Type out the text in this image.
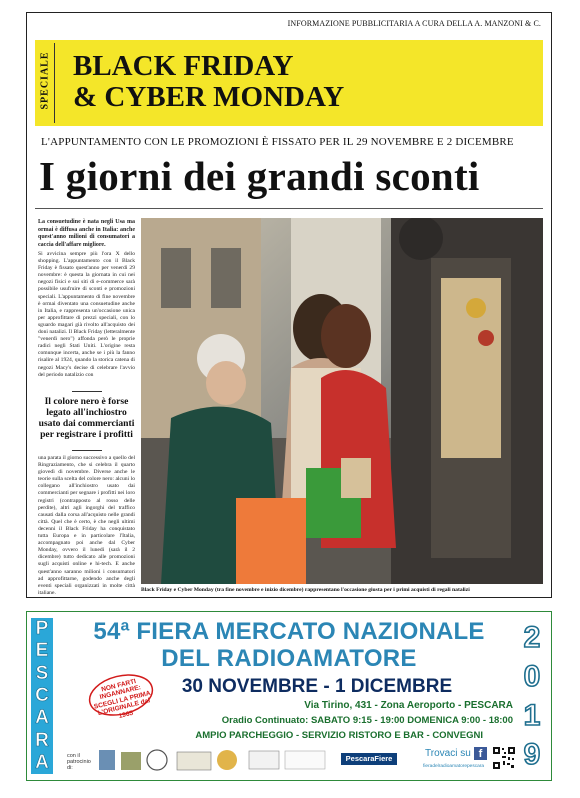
INFORMAZIONE PUBBLICITARIA A CURA DELLA A. MANZONI & C.
SPECIALE BLACK FRIDAY
& CYBER MONDAY
L'APPUNTAMENTO CON LE PROMOZIONI È FISSATO PER IL 29 NOVEMBRE E 2 DICEMBRE
I giorni dei grandi sconti
La consuetudine è nata negli Usa ma ormai è diffusa anche in Italia: anche quest'anno milioni di consumatori a caccia dell'affare migliore.
Si avvicina sempre più l'ora X dello shopping. L'appuntamento con il Black Friday è fissato quest'anno per venerdì 29 novembre: è questa la giornata in cui nei negozi fisici e sui siti di e-commerce sarà possibile usufruire di sconti e promozioni speciali. L'appuntamento di fine novembre è ormai diventato una consuetudine anche in Italia, e rappresenta un'occasione unica per approfittare di prezzi speciali, con lo sguardo magari già rivolto all'acquisto dei doni natalizi. Il Black Friday (letteralmente "venerdì nero") affonda però le proprie radici negli Stati Uniti. L'origine resta comunque incerta, anche se i più la fanno risalire al 1924, quando la storica catena di negozi Macy's decise di celebrare l'avvio del periodo natalizio con
Il colore nero è forse legato all'inchiostro usato dai commercianti per registrare i profitti
una parata il giorno successivo a quello del Ringraziamento, che si celebra il quarto giovedì di novembre. Diverse anche le teorie sulla scelta del colore nero: alcuni lo collegano all'inchiostro usato dai commercianti per segnare i profitti nei loro registri (contrapposto al rosso delle perdite), altri agli ingorghi del traffico causati dalla corsa all'acquisto nelle grandi città. Quel che è certo, è che negli ultimi decenni il Black Friday ha conquistato tutta Europa e in particolare l'Italia, accompagnato poi anche dal Cyber Monday, ovvero il lunedì (sarà il 2 dicembre) tutto dedicato alle promozioni sugli acquisti online e hi-tech. E anche quest'anno saranno milioni i consumatori ad approfittarne, godendo anche degli eventi speciali organizzati in molte città italiane.	Black Friday e Cyber Monday (tra fine novembre e inizio dicembre) rappresentano l'occasione giusta per i primi acquisti di regali natalizi
P
E
S
C
A
R
A
2
0
1
9
54ª FIERA MERCATO NAZIONALE
DEL RADIOAMATORE
NON FARTI INGANNARE: SCEGLI LA PRIMA L'ORIGINALE dal 1965
30 NOVEMBRE - 1 DICEMBRE
Via Tirino, 431 - Zona Aeroporto - PESCARA
Oradio Continuato: SABATO 9:15 - 19:00 DOMENICA 9:00 - 18:00
AMPIO PARCHEGGIO - SERVIZIO RISTORO E BAR - CONVEGNI
con il patrocinio di:
PescaraFiere	Trovaci su f
fieradelradioamatorepescara
